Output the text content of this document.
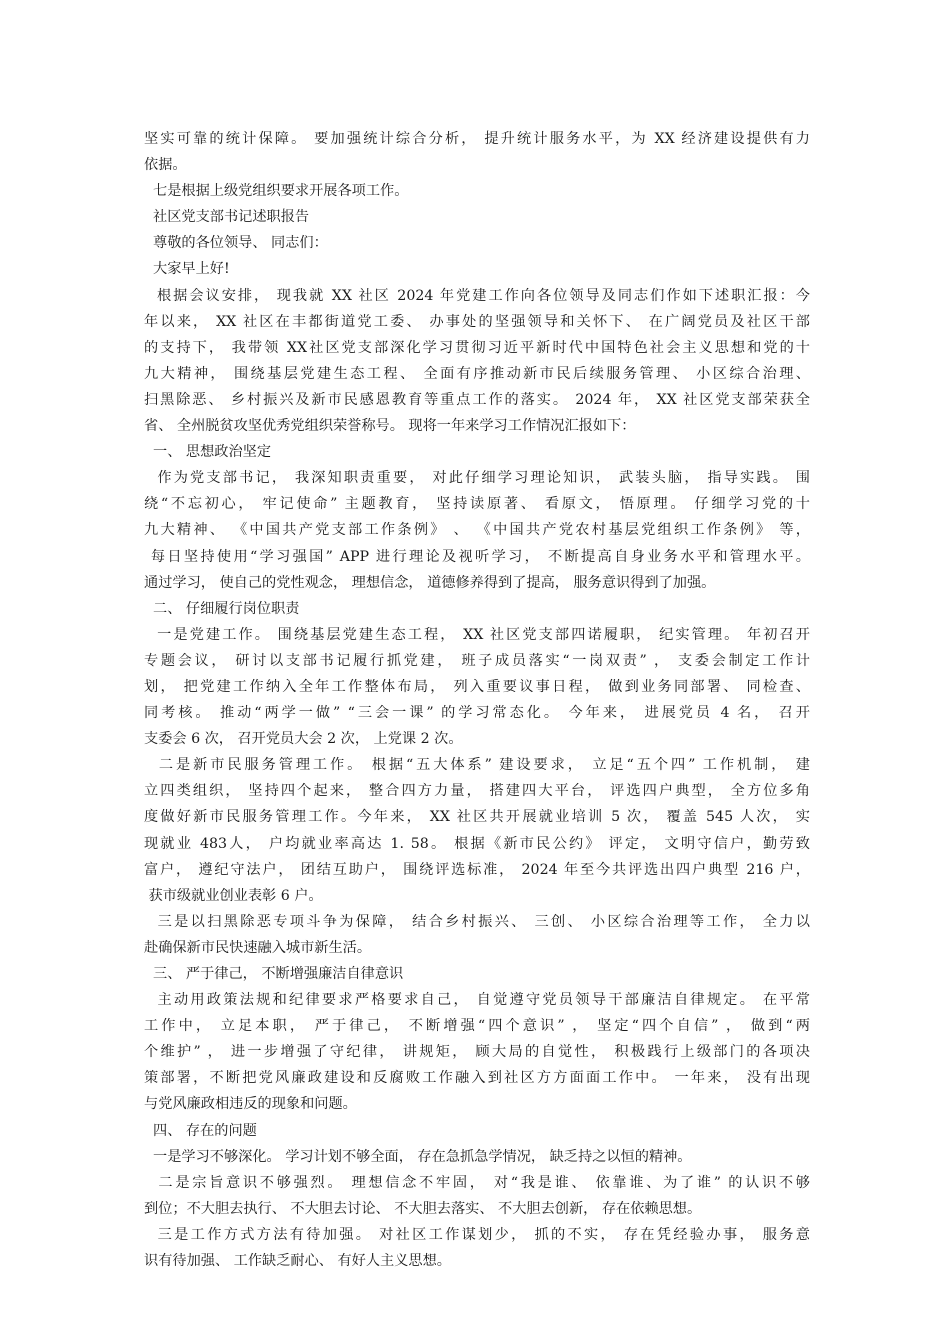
坚实可靠的统计保障。 要加强统计综合分析， 提升统计服务水平，为 XX 经济建设提供有力
依据。
七是根据上级党组织要求开展各项工作。
社区党支部书记述职报告
尊敬的各位领导、 同志们：
大家早上好!
根据会议安排， 现我就 XX 社区 2024 年党建工作向各位领导及同志们作如下述职汇报：今
年以来， XX 社区在丰都街道党工委、 办事处的坚强领导和关怀下、 在广阔党员及社区干部
的支持下， 我带领 XX社区党支部深化学习贯彻习近平新时代中国特色社会主义思想和党的十
九大精神， 围绕基层党建生态工程、 全面有序推动新市民后续服务管理、 小区综合治理、
扫黑除恶、 乡村振兴及新市民感恩教育等重点工作的落实。 2024 年， XX 社区党支部荣获全
省、 全州脱贫攻坚优秀党组织荣誉称号。 现将一年来学习工作情况汇报如下：
一、 思想政治坚定
作为党支部书记， 我深知职责重要， 对此仔细学习理论知识， 武装头脑， 指导实践。 围
绕“不忘初心， 牢记使命” 主题教育， 坚持读原著、 看原文， 悟原理。 仔细学习党的十
九大精神、 《中国共产党支部工作条例》 、 《中国共产党农村基层党组织工作条例》 等，
每日坚持使用“学习强国” APP 进行理论及视听学习， 不断提高自身业务水平和管理水平。
通过学习， 使自己的党性观念， 理想信念， 道德修养得到了提高， 服务意识得到了加强。
二、 仔细履行岗位职责
一是党建工作。 围绕基层党建生态工程， XX 社区党支部四诺履职， 纪实管理。 年初召开
专题会议， 研讨以支部书记履行抓党建， 班子成员落实“一岗双责” ， 支委会制定工作计
划， 把党建工作纳入全年工作整体布局， 列入重要议事日程， 做到业务同部署、 同检查、
同考核。 推动“两学一做” “三会一课” 的学习常态化。 今年来， 进展党员 4 名， 召开
支委会 6 次， 召开党员大会 2 次， 上党课 2 次。
二是新市民服务管理工作。 根据“五大体系” 建设要求， 立足“五个四” 工作机制， 建
立四类组织， 坚持四个起来， 整合四方力量， 搭建四大平台， 评选四户典型， 全方位多角
度做好新市民服务管理工作。今年来， XX 社区共开展就业培训 5 次， 覆盖 545 人次， 实
现就业 483人， 户均就业率高达 1. 58。 根据《新市民公约》 评定， 文明守信户，勤劳致
富户， 遵纪守法户， 团结互助户， 围绕评选标准， 2024 年至今共评选出四户典型 216 户，
获市级就业创业表彰 6 户。
三是以扫黑除恶专项斗争为保障， 结合乡村振兴、 三创、 小区综合治理等工作， 全力以
赴确保新市民快速融入城市新生活。
三、 严于律己， 不断增强廉洁自律意识
主动用政策法规和纪律要求严格要求自己， 自觉遵守党员领导干部廉洁自律规定。 在平常
工作中， 立足本职， 严于律己， 不断增强“四个意识” ， 坚定“四个自信” ， 做到“两
个维护” ， 进一步增强了守纪律， 讲规矩， 顾大局的自觉性， 积极践行上级部门的各项决
策部署，不断把党风廉政建设和反腐败工作融入到社区方方面面工作中。 一年来， 没有出现
与党风廉政相违反的现象和问题。
四、 存在的问题
一是学习不够深化。 学习计划不够全面， 存在急抓急学情况， 缺乏持之以恒的精神。
二是宗旨意识不够强烈。 理想信念不牢固， 对“我是谁、 依靠谁、为了谁” 的认识不够
到位；不大胆去执行、 不大胆去讨论、 不大胆去落实、 不大胆去创新， 存在依赖思想。
三是工作方式方法有待加强。 对社区工作谋划少， 抓的不实， 存在凭经验办事， 服务意
识有待加强、 工作缺乏耐心、 有好人主义思想。
